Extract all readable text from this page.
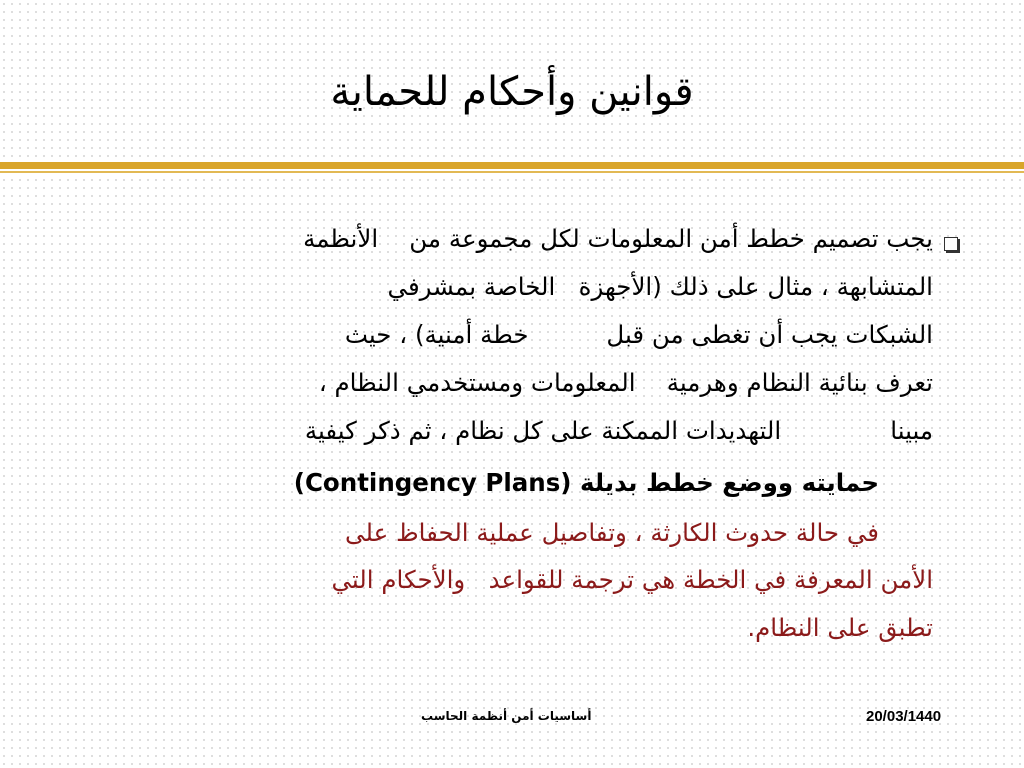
قوانين وأحكام للحماية
يجب تصميم خطط أمن المعلومات لكل مجموعة من    الأنظمة
المتشابهة ، مثال على ذلك (الأجهزة   الخاصة بمشرفي
الشبكات يجب أن تغطى من قبل          خطة أمنية) ، حيث
تعرف بنائية النظام وهرمية    المعلومات ومستخدمي النظام ،
مبينا              التهديدات الممكنة على كل نظام ، ثم ذكر كيفية
حمايته ووضع خطط بديلة (Contingency Plans)
في حالة حدوث الكارثة ، وتفاصيل عملية الحفاظ على
الأمن المعرفة في الخطة هي ترجمة للقواعد   والأحكام التي
تطبق على النظام.
أساسيات أمن أنظمة الحاسب	20/03/1440
